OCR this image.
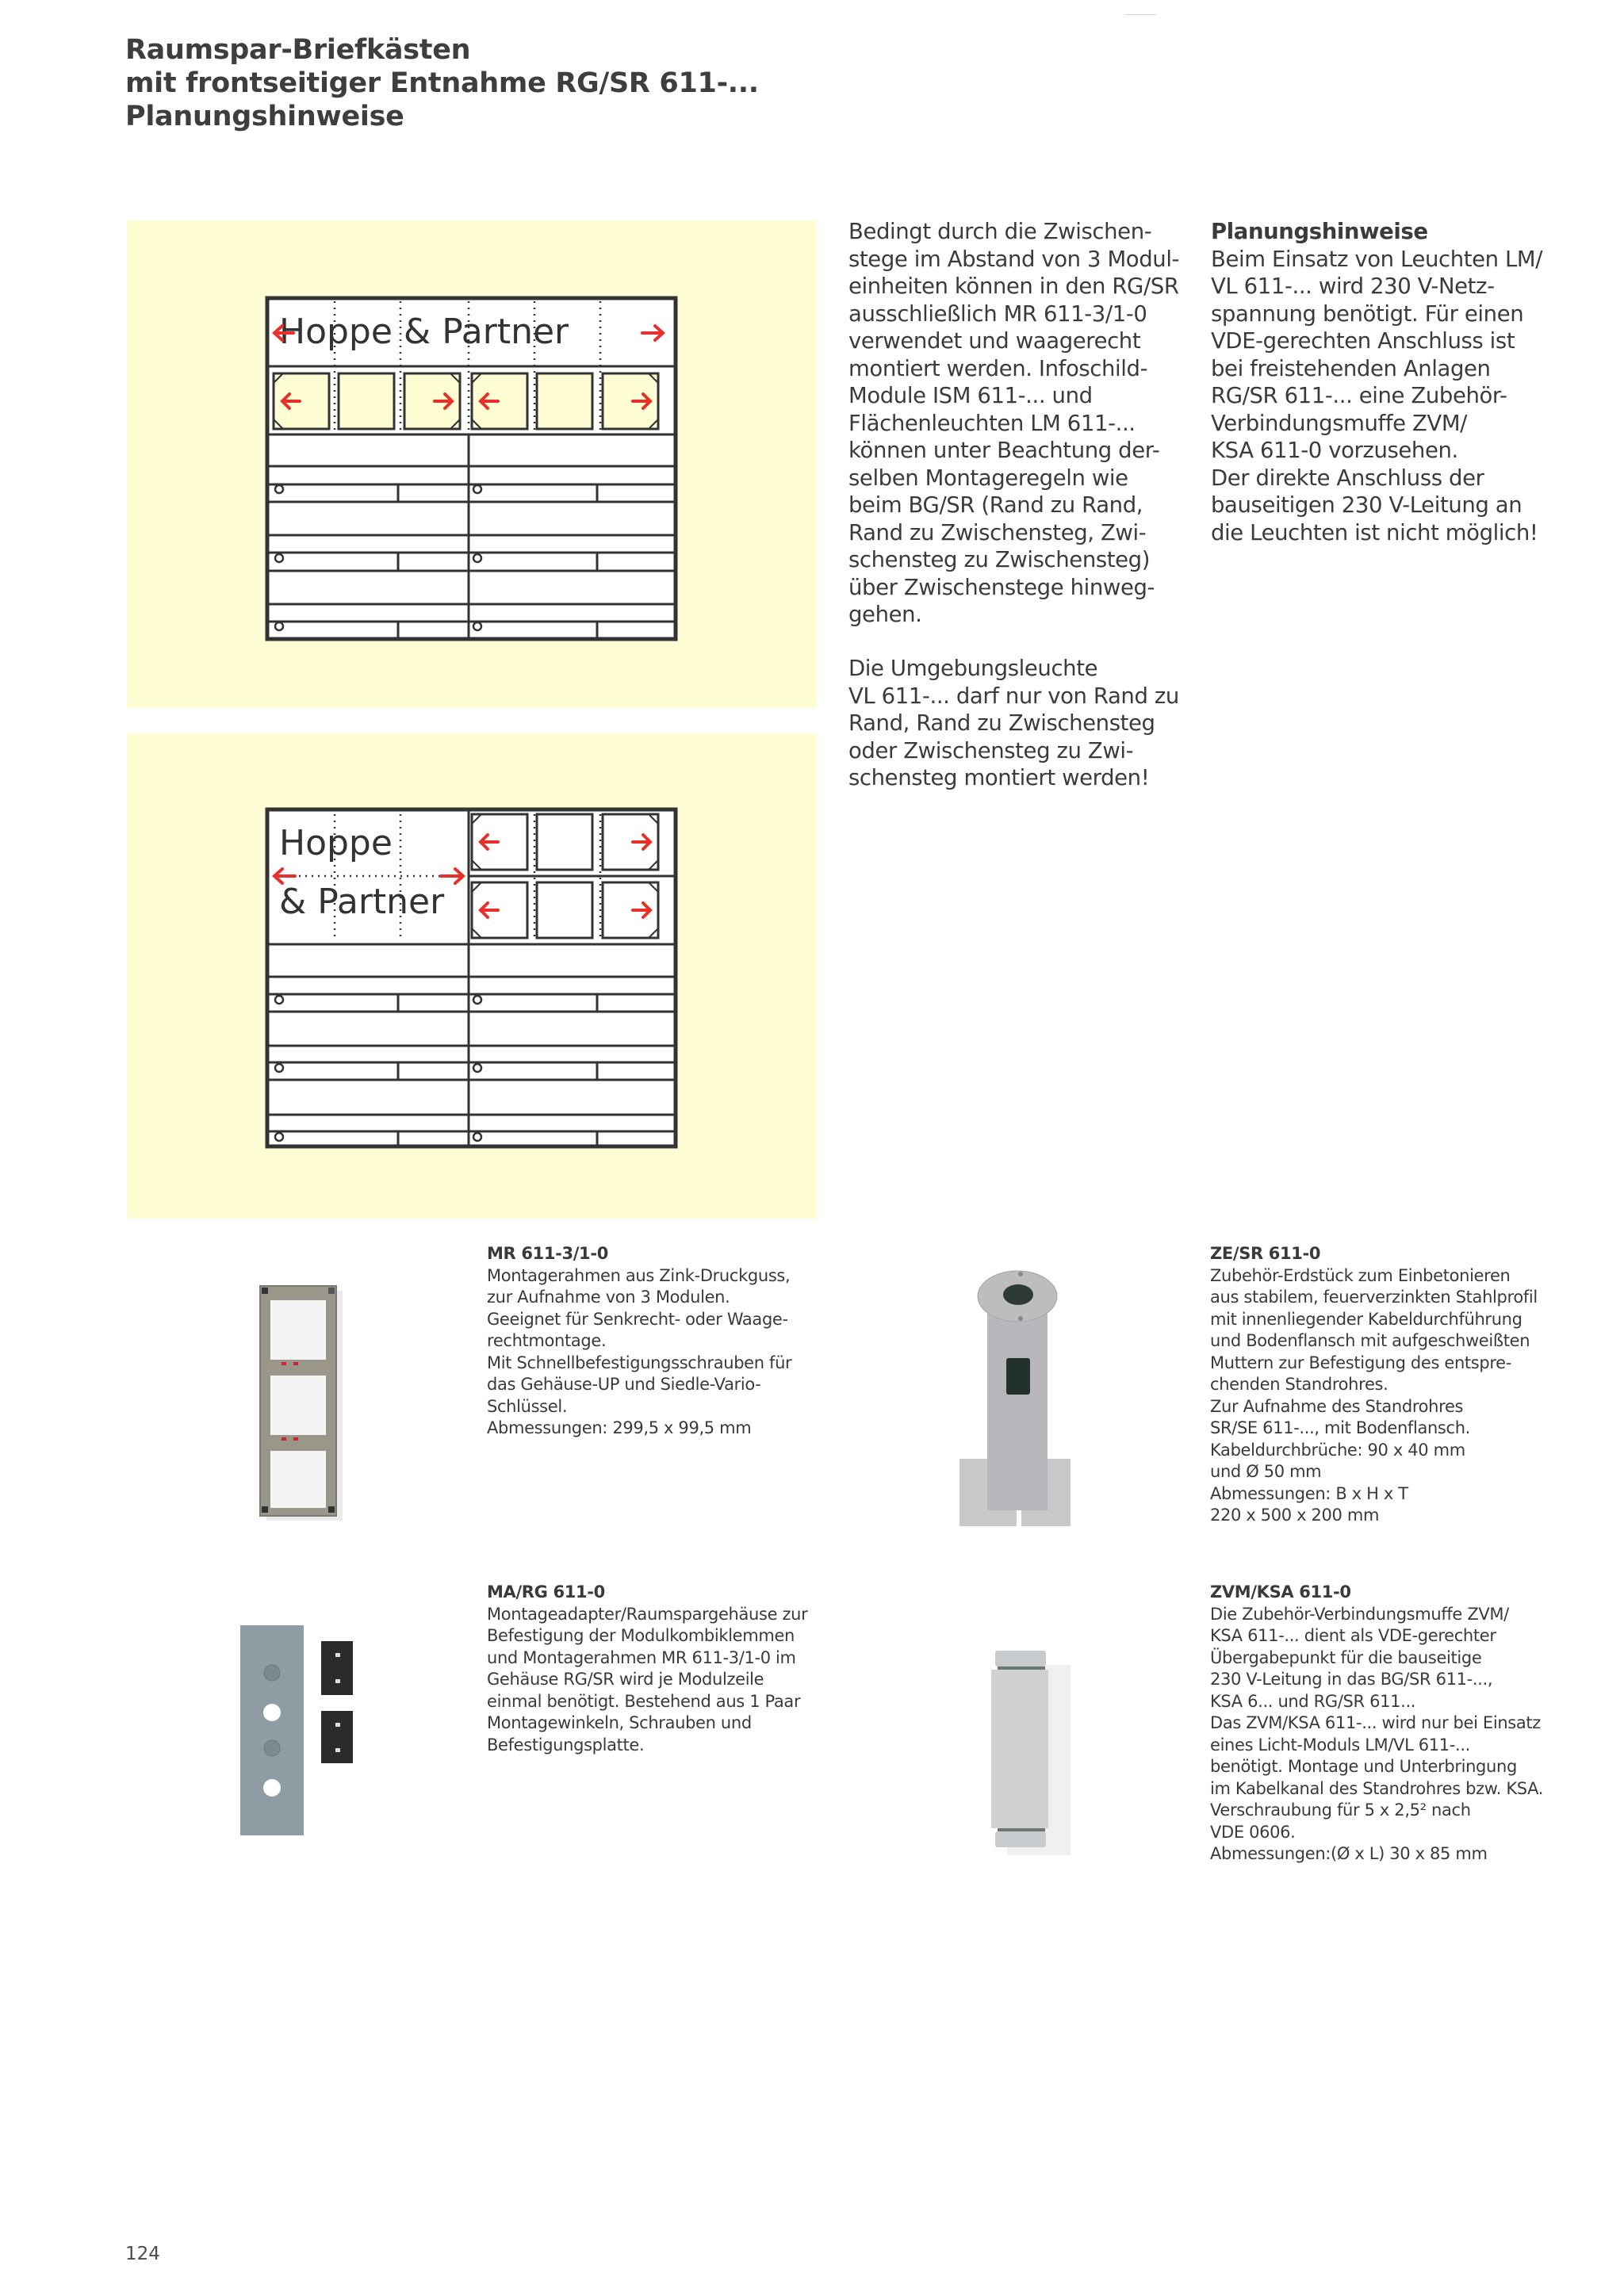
Raumspar-Briefkästen
mit frontseitiger Entnahme RG/SR 611-...
Planungshinweise
Hoppe & Partner
Hoppe
& Partner

Bedingt durch die Zwischen-

stege im Abstand von 3 Modul-

einheiten können in den RG/SR

ausschließlich MR 611-3/1-0

verwendet und waagerecht

montiert werden. Infoschild-

Module ISM 611-... und

Flächenleuchten LM 611-...

können unter Beachtung der-

selben Montageregeln wie

beim BG/SR (Rand zu Rand,

Rand zu Zwischensteg, Zwi-

schensteg zu Zwischensteg)

über Zwischenstege hinweg-

gehen.

Die Umgebungsleuchte

VL 611-... darf nur von Rand zu

Rand, Rand zu Zwischensteg

oder Zwischensteg zu Zwi-

schensteg montiert werden!

Planungshinweise

Beim Einsatz von Leuchten LM/

VL 611-... wird 230 V-Netz-

spannung benötigt. Für einen

VDE-gerechten Anschluss ist

bei freistehenden Anlagen

RG/SR 611-... eine Zubehör-

Verbindungsmuffe ZVM/

KSA 611-0 vorzusehen.

Der direkte Anschluss der

bauseitigen 230 V-Leitung an

die Leuchten ist nicht möglich!

MR 611-3/1-0

Montagerahmen aus Zink-Druckguss,

zur Aufnahme von 3 Modulen.

Geeignet für Senkrecht- oder Waage-

rechtmontage.

Mit Schnellbefestigungsschrauben für

das Gehäuse-UP und Siedle-Vario-

Schlüssel.

Abmessungen: 299,5 x 99,5 mm

ZE/SR 611-0

Zubehör-Erdstück zum Einbetonieren

aus stabilem, feuerverzinkten Stahlprofil

mit innenliegender Kabeldurchführung

und Bodenflansch mit aufgeschweißten

Muttern zur Befestigung des entspre-

chenden Standrohres.

Zur Aufnahme des Standrohres

SR/SE 611-..., mit Bodenflansch.

Kabeldurchbrüche: 90 x 40 mm

und Ø 50 mm

Abmessungen: B x H x T

220 x 500 x 200 mm

MA/RG 611-0

Montageadapter/Raumspargehäuse zur

Befestigung der Modulkombiklemmen

und Montagerahmen MR 611-3/1-0 im

Gehäuse RG/SR wird je Modulzeile

einmal benötigt. Bestehend aus 1 Paar

Montagewinkeln, Schrauben und

Befestigungsplatte.

ZVM/KSA 611-0

Die Zubehör-Verbindungsmuffe ZVM/

KSA 611-... dient als VDE-gerechter

Übergabepunkt für die bauseitige

230 V-Leitung in das BG/SR 611-...,

KSA 6... und RG/SR 611...

Das ZVM/KSA 611-... wird nur bei Einsatz

eines Licht-Moduls LM/VL 611-...

benötigt. Montage und Unterbringung

im Kabelkanal des Standrohres bzw. KSA.

Verschraubung für 5 x 2,5² nach

VDE 0606.

Abmessungen:(Ø x L) 30 x 85 mm

124
